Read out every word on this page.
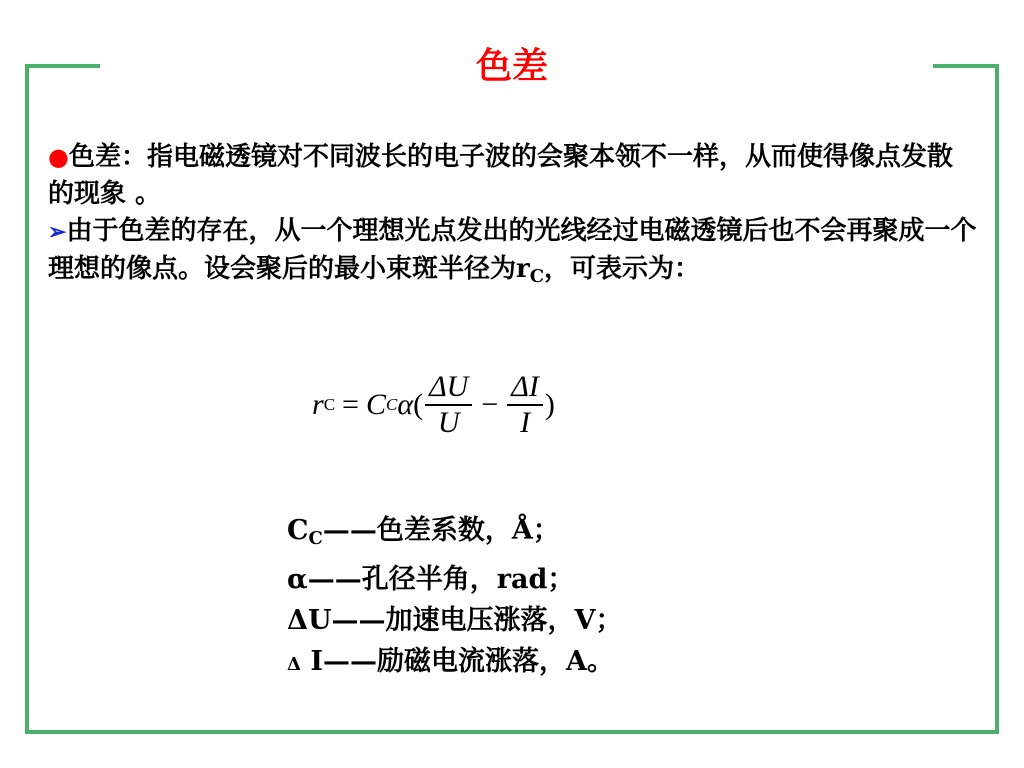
色差

●色差：指电磁透镜对不同波长的电子波的会聚本领不一样，从而使得像点发散的现象 。

➢由于色差的存在，从一个理想光点发出的光线经过电磁透镜后也不会再聚成一个理想的像点。设会聚后的最小束斑半径为$r_C$，可表示为：

r C = C C α ( $\frac{\Delta U}{U} - \frac{\Delta I}{I}$ )
$C_C——$色差系数，Å；
α——孔径半角，rad；
ΔU——加速电压涨落，V；
Δ I——励磁电流涨落，A。
